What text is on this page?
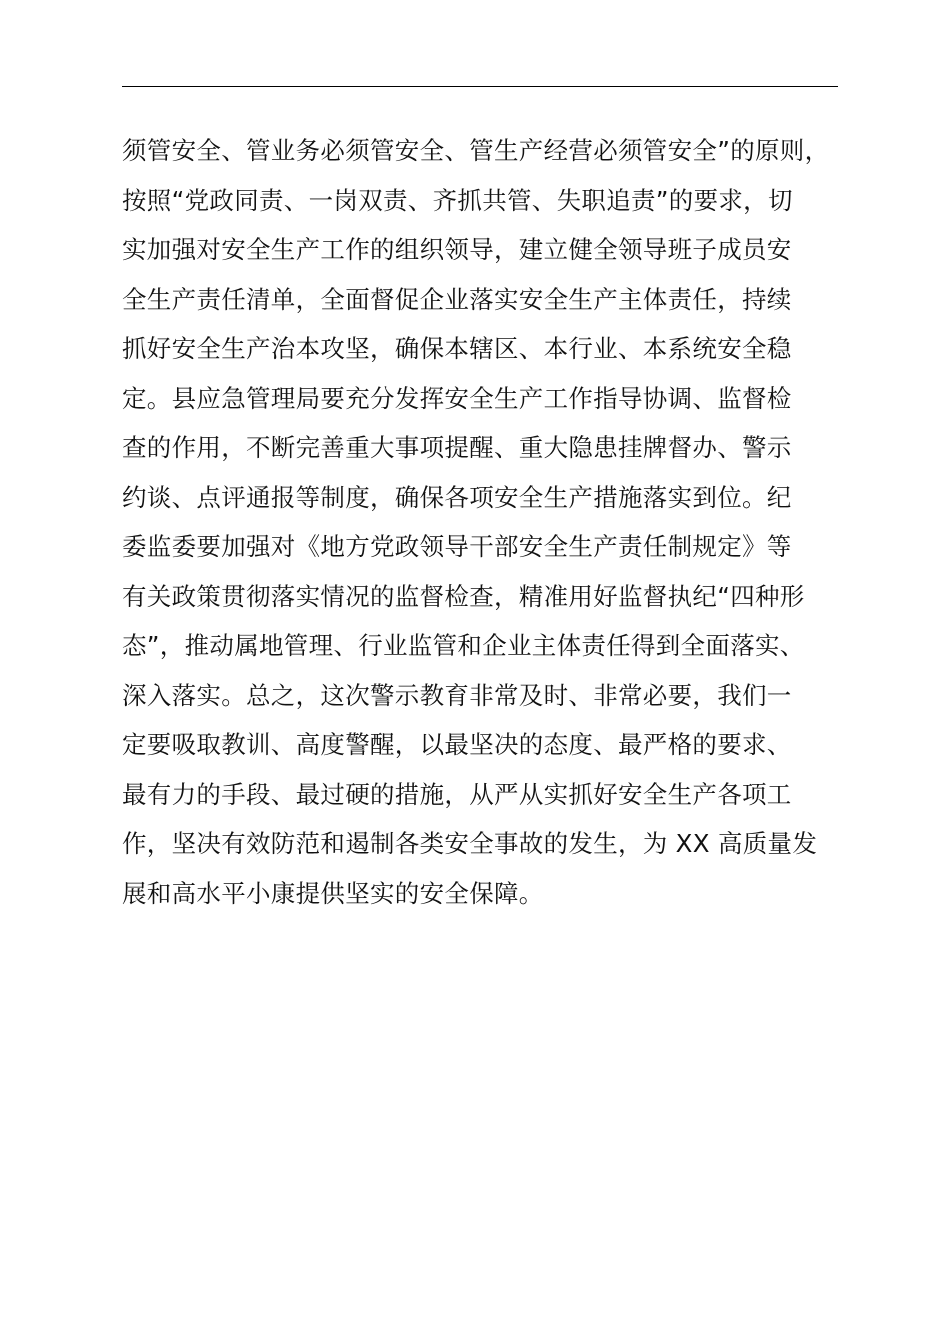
须管安全、管业务必须管安全、管生产经营必须管安全”的原则，
按照“党政同责、一岗双责、齐抓共管、失职追责”的要求，切
实加强对安全生产工作的组织领导，建立健全领导班子成员安
全生产责任清单，全面督促企业落实安全生产主体责任，持续
抓好安全生产治本攻坚，确保本辖区、本行业、本系统安全稳
定。县应急管理局要充分发挥安全生产工作指导协调、监督检
查的作用，不断完善重大事项提醒、重大隐患挂牌督办、警示
约谈、点评通报等制度，确保各项安全生产措施落实到位。纪
委监委要加强对《地方党政领导干部安全生产责任制规定》等
有关政策贯彻落实情况的监督检查，精准用好监督执纪“四种形
态”，推动属地管理、行业监管和企业主体责任得到全面落实、
深入落实。总之，这次警示教育非常及时、非常必要，我们一
定要吸取教训、高度警醒，以最坚决的态度、最严格的要求、
最有力的手段、最过硬的措施，从严从实抓好安全生产各项工
作，坚决有效防范和遏制各类安全事故的发生，为 XX 高质量发
展和高水平小康提供坚实的安全保障。
